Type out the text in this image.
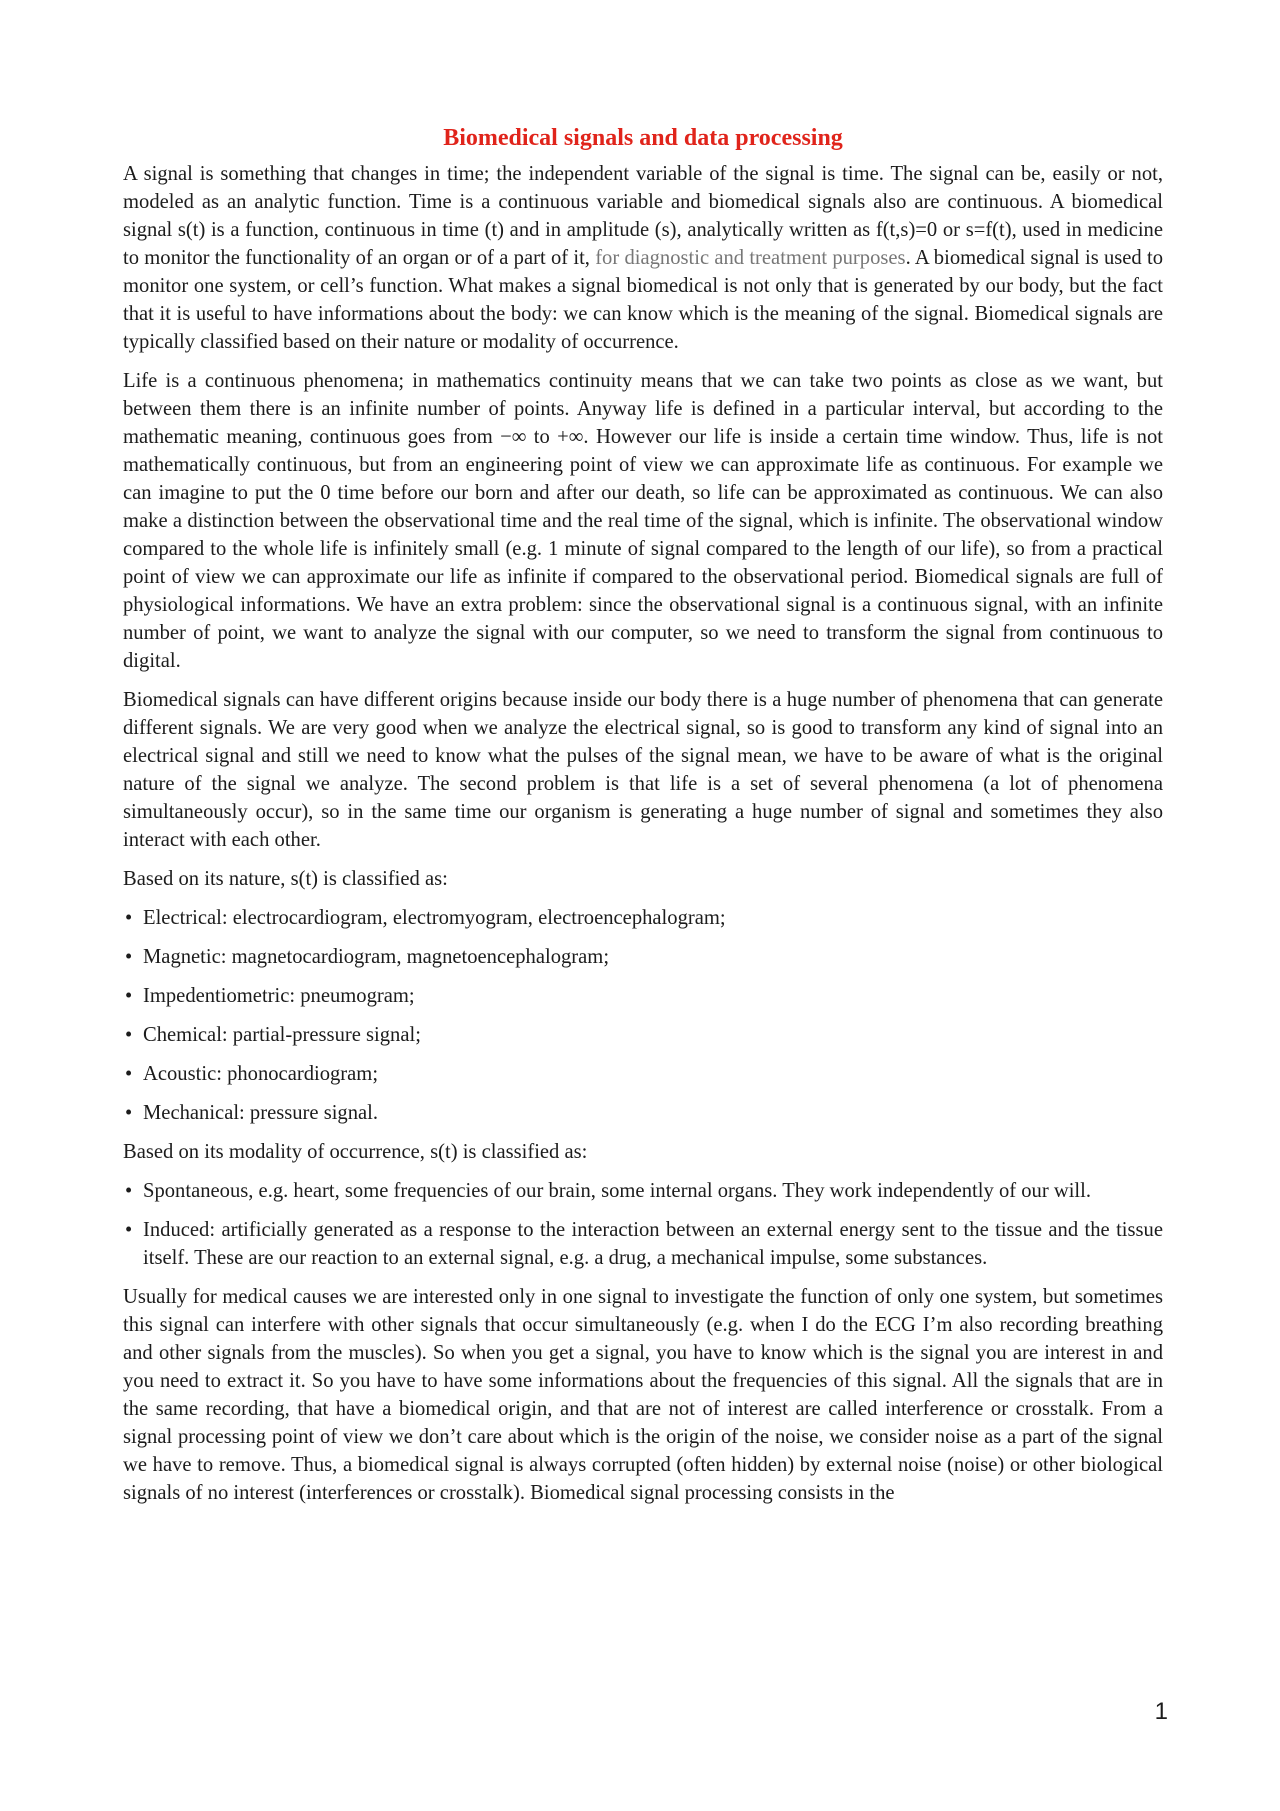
Biomedical signals and data processing

A signal is something that changes in time; the independent variable of the signal is time. The signal can be, easily or not, modeled as an analytic function. Time is a continuous variable and biomedical signals also are continuous. A biomedical signal s(t) is a function, continuous in time (t) and in amplitude (s), analytically written as f(t,s)=0 or s=f(t), used in medicine to monitor the functionality of an organ or of a part of it, for diagnostic and treatment purposes. A biomedical signal is used to monitor one system, or cell’s function. What makes a signal biomedical is not only that is generated by our body, but the fact that it is useful to have informations about the body: we can know which is the meaning of the signal. Biomedical signals are typically classified based on their nature or modality of occurrence.

Life is a continuous phenomena; in mathematics continuity means that we can take two points as close as we want, but between them there is an infinite number of points. Anyway life is defined in a particular interval, but according to the mathematic meaning, continuous goes from −∞ to +∞. However our life is inside a certain time window. Thus, life is not mathematically continuous, but from an engineering point of view we can approximate life as continuous. For example we can imagine to put the 0 time before our born and after our death, so life can be approximated as continuous. We can also make a distinction between the observational time and the real time of the signal, which is infinite. The observational window compared to the whole life is infinitely small (e.g. 1 minute of signal compared to the length of our life), so from a practical point of view we can approximate our life as infinite if compared to the observational period. Biomedical signals are full of physiological informations. We have an extra problem: since the observational signal is a continuous signal, with an infinite number of point, we want to analyze the signal with our computer, so we need to transform the signal from continuous to digital.

Biomedical signals can have different origins because inside our body there is a huge number of phenomena that can generate different signals. We are very good when we analyze the electrical signal, so is good to transform any kind of signal into an electrical signal and still we need to know what the pulses of the signal mean, we have to be aware of what is the original nature of the signal we analyze. The second problem is that life is a set of several phenomena (a lot of phenomena simultaneously occur), so in the same time our organism is generating a huge number of signal and sometimes they also interact with each other.

Based on its nature, s(t) is classified as:

• Electrical: electrocardiogram, electromyogram, electroencephalogram;
• Magnetic: magnetocardiogram, magnetoencephalogram;
• Impedentiometric: pneumogram;
• Chemical: partial-pressure signal;
• Acoustic: phonocardiogram;
• Mechanical: pressure signal.

Based on its modality of occurrence, s(t) is classified as:

• Spontaneous, e.g. heart, some frequencies of our brain, some internal organs. They work independently of our will.
• Induced: artificially generated as a response to the interaction between an external energy sent to the tissue and the tissue itself. These are our reaction to an external signal, e.g. a drug, a mechanical impulse, some substances.

Usually for medical causes we are interested only in one signal to investigate the function of only one system, but sometimes this signal can interfere with other signals that occur simultaneously (e.g. when I do the ECG I’m also recording breathing and other signals from the muscles). So when you get a signal, you have to know which is the signal you are interest in and you need to extract it. So you have to have some informations about the frequencies of this signal. All the signals that are in the same recording, that have a biomedical origin, and that are not of interest are called interference or crosstalk. From a signal processing point of view we don’t care about which is the origin of the noise, we consider noise as a part of the signal we have to remove. Thus, a biomedical signal is always corrupted (often hidden) by external noise (noise) or other biological signals of no interest (interferences or crosstalk). Biomedical signal processing consists in the

1
